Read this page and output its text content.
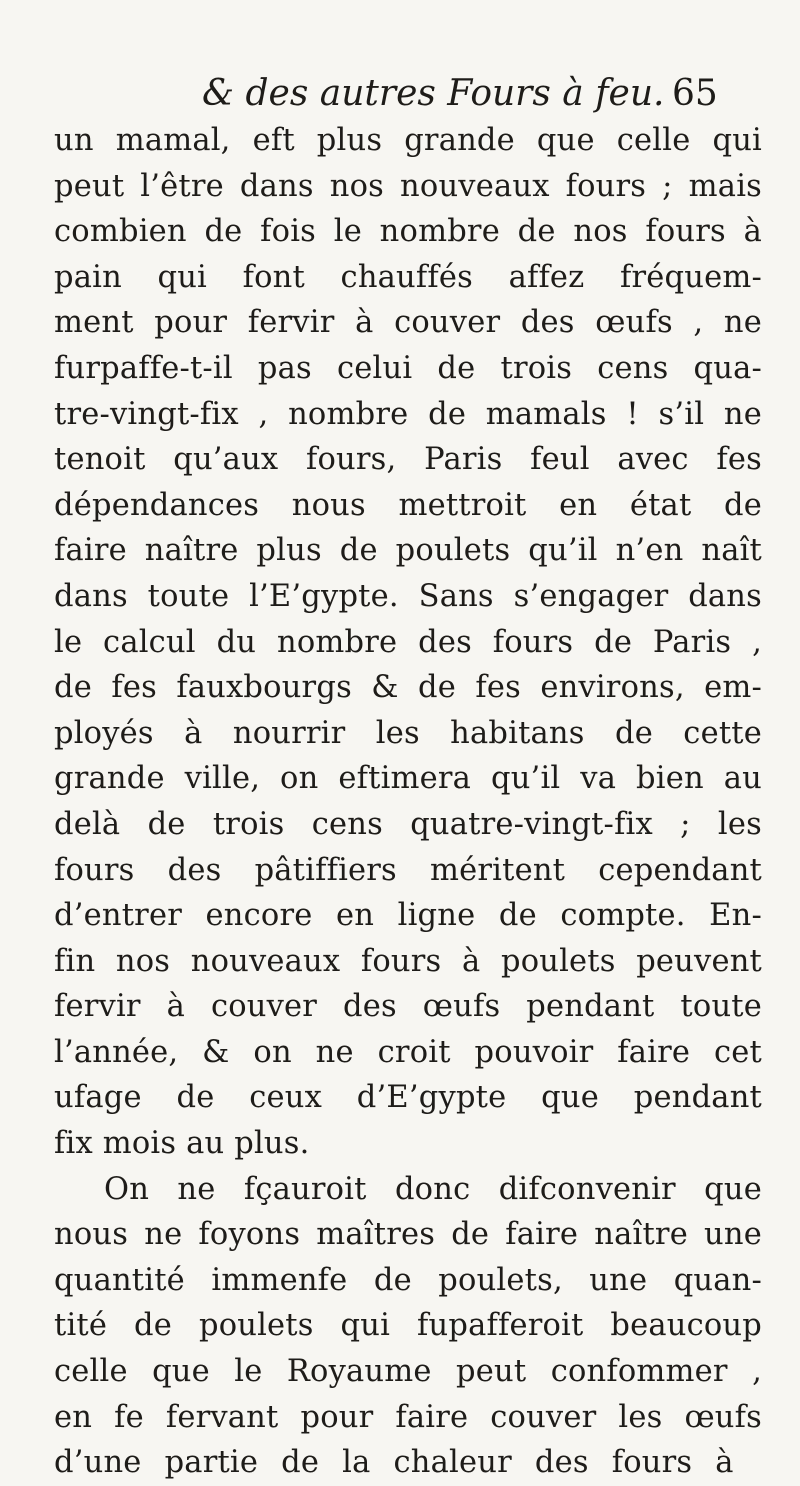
& des autres Fours à feu. 65
un mamal, eft plus grande que celle qui
peut l’être dans nos nouveaux fours ; mais
combien de fois le nombre de nos fours à
pain qui font chauffés affez fréquem-
ment pour fervir à couver des œufs , ne
furpaffe-t-il pas celui de trois cens qua-
tre-vingt-fix , nombre de mamals ! s’il ne
tenoit qu’aux fours, Paris feul avec fes
dépendances nous mettroit en état de
faire naître plus de poulets qu’il n’en naît
dans toute l’E’gypte. Sans s’engager dans
le calcul du nombre des fours de Paris ,
de fes fauxbourgs & de fes environs, em-
ployés à nourrir les habitans de cette
grande ville, on eftimera qu’il va bien au
delà de trois cens quatre-vingt-fix ; les
fours des pâtiffiers méritent cependant
d’entrer encore en ligne de compte. En-
fin nos nouveaux fours à poulets peuvent
fervir à couver des œufs pendant toute
l’année, & on ne croit pouvoir faire cet
ufage de ceux d’E’gypte que pendant
fix mois au plus.
On ne fçauroit donc difconvenir que
nous ne foyons maîtres de faire naître une
quantité immenfe de poulets, une quan-
tité de poulets qui fupafferoit beaucoup
celle que le Royaume peut confommer ,
en fe fervant pour faire couver les œufs
d’une partie de la chaleur des fours à
